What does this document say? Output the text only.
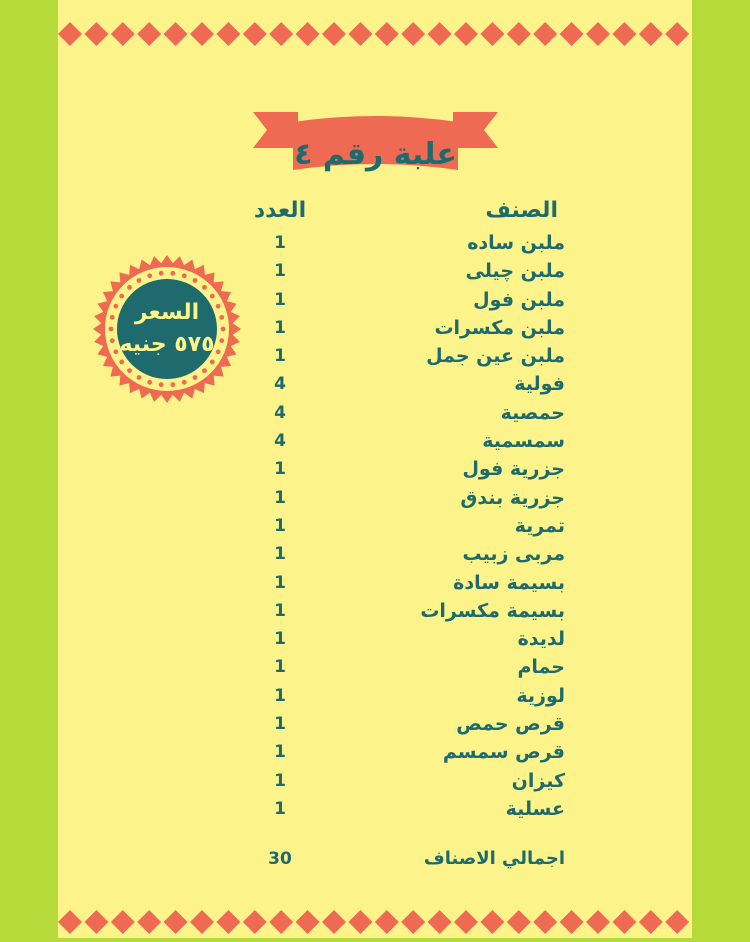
علبة رقم ٤
الصنف
العدد
ملبن ساده
1
ملبن چيلى
1
ملبن فول
1
ملبن مكسرات
1
ملبن عين جمل
1
فولية
4
حمصية
4
سمسمية
4
جزرية فول
1
جزرية بندق
1
تمرية
1
مربى زبيب
1
بسيمة سادة
1
بسيمة مكسرات
1
لديدة
1
حمام
1
لوزية
1
قرص حمص
1
قرص سمسم
1
كيزان
1
عسلية
1
اجمالي الاصناف
30
السعر
٥٧٥ جنيه
